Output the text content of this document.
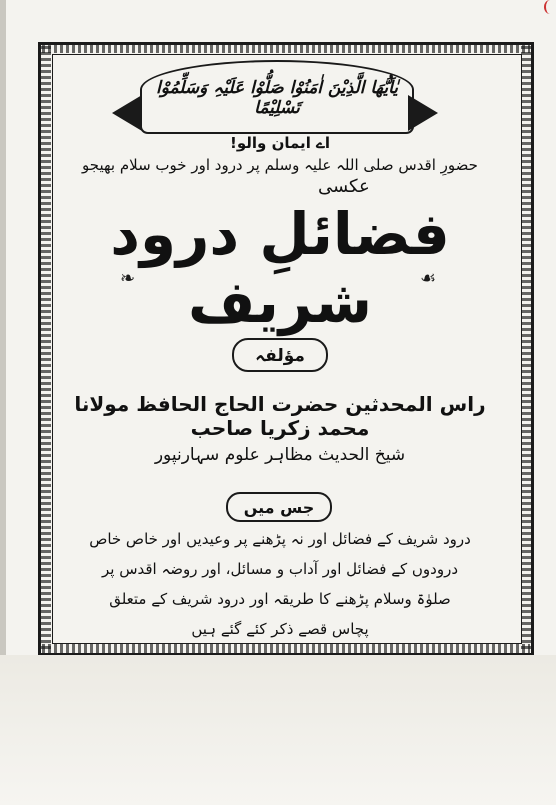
یٰاَیُّھَا الَّذِیْنَ اٰمَنُوْا صَلُّوْا عَلَیْہِ وَسَلِّمُوْا تَسْلِیْمًا
اے ایمان والو!
حضورِ اقدس صلی اللہ علیہ وسلم پر درود اور خوب سلام بھیجو
عکسی
فضائلِ درود شریف
❧	☙
مؤلفہ
راس المحدثین حضرت الحاج الحافظ مولانا محمد زکریا صاحب
شیخ الحدیث مظاہر علوم سہارنپور
جس میں
درود شریف کے فضائل اور نہ پڑھنے پر وعیدیں اور خاص خاص
درودوں کے فضائل اور آداب و مسائل، اور روضہ اقدس پر
صلوٰۃ وسلام پڑھنے کا طریقہ اور درود شریف کے متعلق
پچاس قصے ذکر کئے گئے ہیں
